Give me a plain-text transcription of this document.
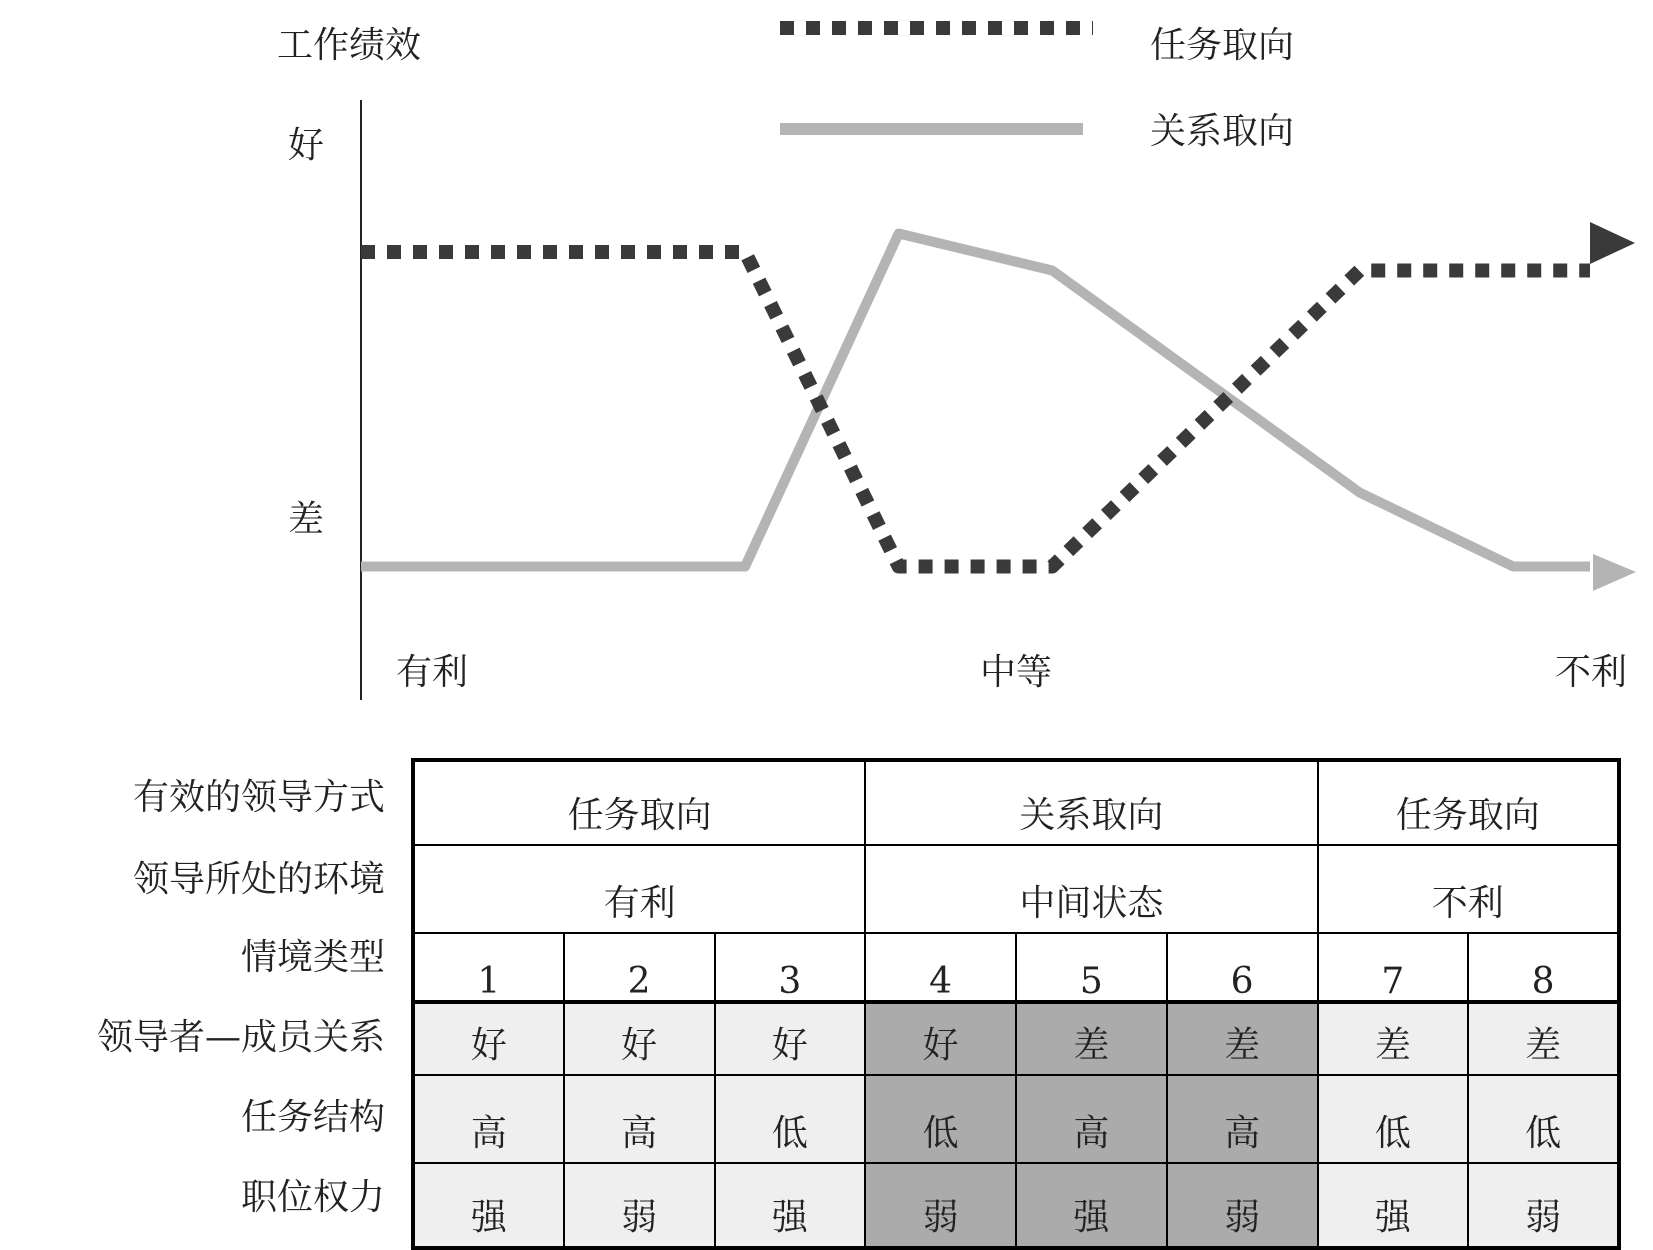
工作绩效
好
差
有利	中等	不利
任务取向
关系取向
有效的领导方式
领导所处的环境
情境类型
领导者—成员关系
任务结构
职位权力
任务取向			关系取向			任务取向	
有利			中间状态			不利	
1	2	3	4	5	6	7	8
好	好	好	好	差	差	差	差
高	高	低	低	高	高	低	低
强	弱	强	弱	强	弱	强	弱
